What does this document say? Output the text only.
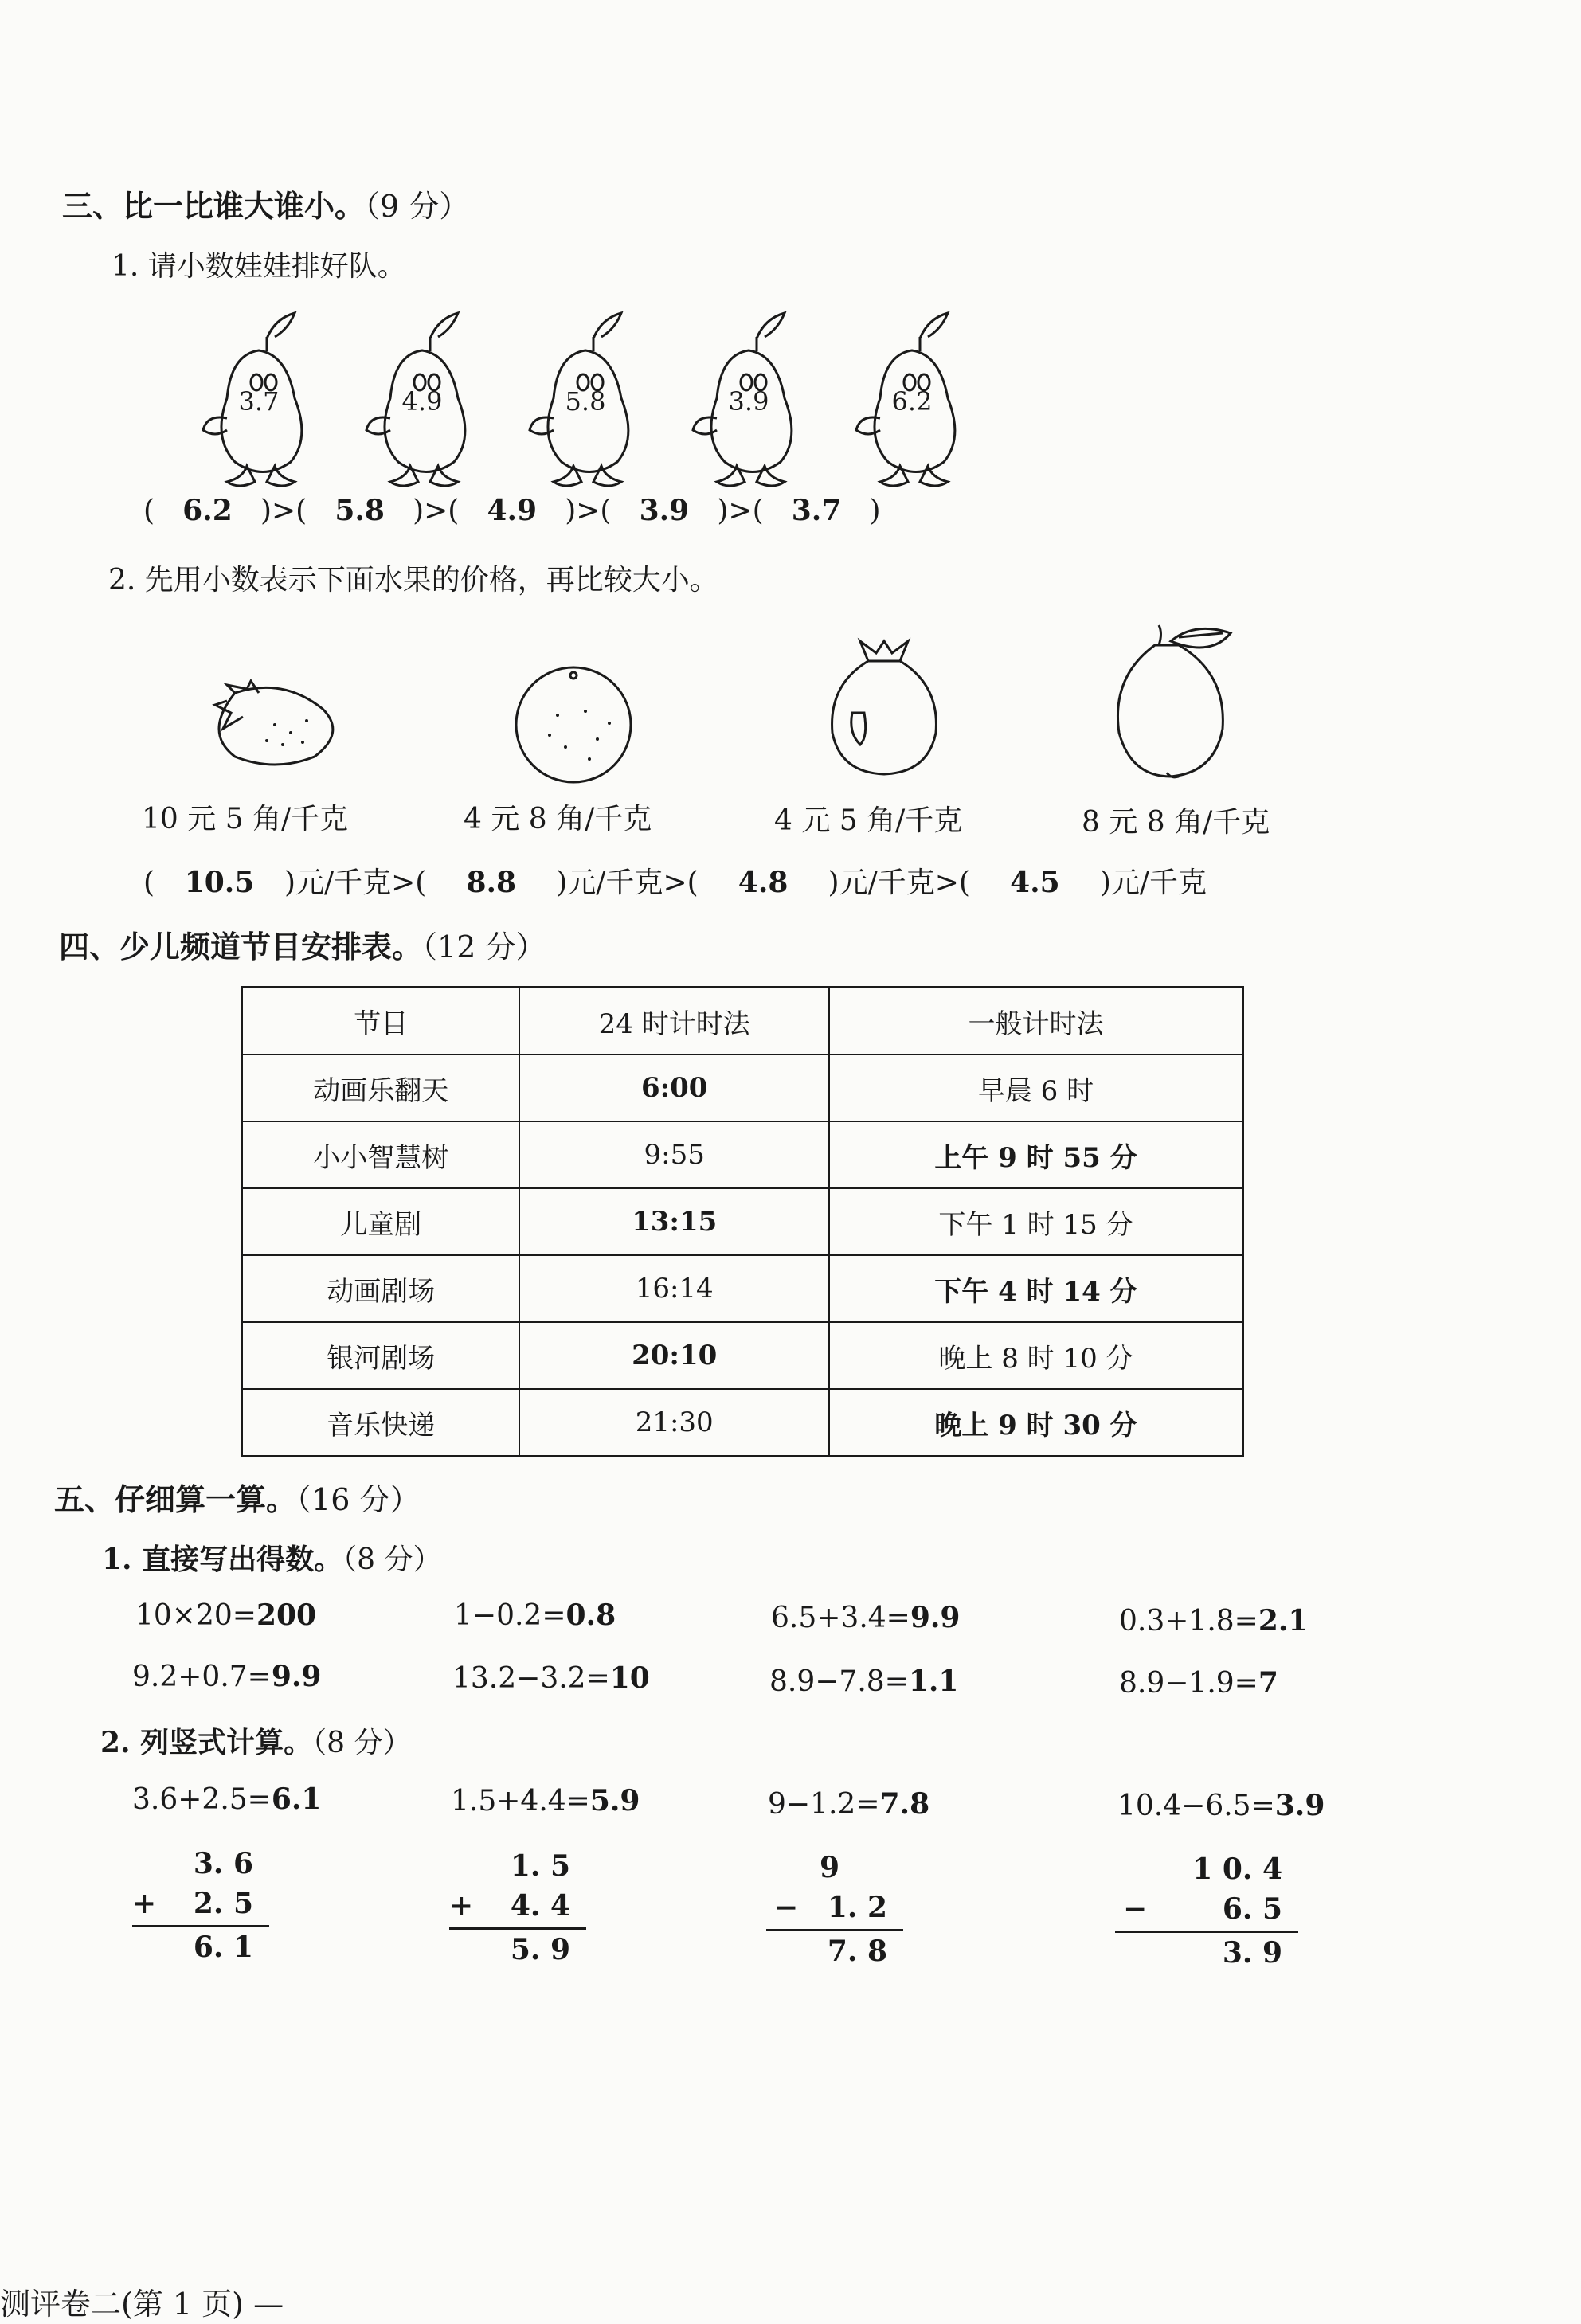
三、比一比谁大谁小。（9 分）
1. 请小数娃娃排好队。
3.7	4.9	5.8	3.9	6.2
( 6.2 )>( 5.8 )>( 4.9 )>( 3.9 )>( 3.7 )
2. 先用小数表示下面水果的价格，再比较大小。
10 元 5 角/千克	4 元 8 角/千克	4 元 5 角/千克	8 元 8 角/千克
( 10.5 )元/千克>( 8.8 )元/千克>( 4.8 )元/千克>( 4.5 )元/千克
四、少儿频道节目安排表。（12 分）
节目	24 时计时法	一般计时法
动画乐翻天	6:00	早晨 6 时
小小智慧树	9:55	上午 9 时 55 分
儿童剧	13:15	下午 1 时 15 分
动画剧场	16:14	下午 4 时 14 分
银河剧场	20:10	晚上 8 时 10 分
音乐快递	21:30	晚上 9 时 30 分
五、仔细算一算。（16 分）
1. 直接写出得数。（8 分）
10×20=200	1−0.2=0.8	6.5+3.4=9.9	0.3+1.8=2.1
9.2+0.7=9.9	13.2−3.2=10	8.9−7.8=1.1	8.9−1.9=7
2. 列竖式计算。（8 分）
3.6+2.5=6.1	1.5+4.4=5.9	9−1.2=7.8	10.4−6.5=3.9
3. 6
+ 2. 5
6. 1
1. 5
+ 4. 4
5. 9
9
− 1. 2
7. 8
1 0. 4
−	6. 5
3. 9
测评卷二(第 1 页) —
